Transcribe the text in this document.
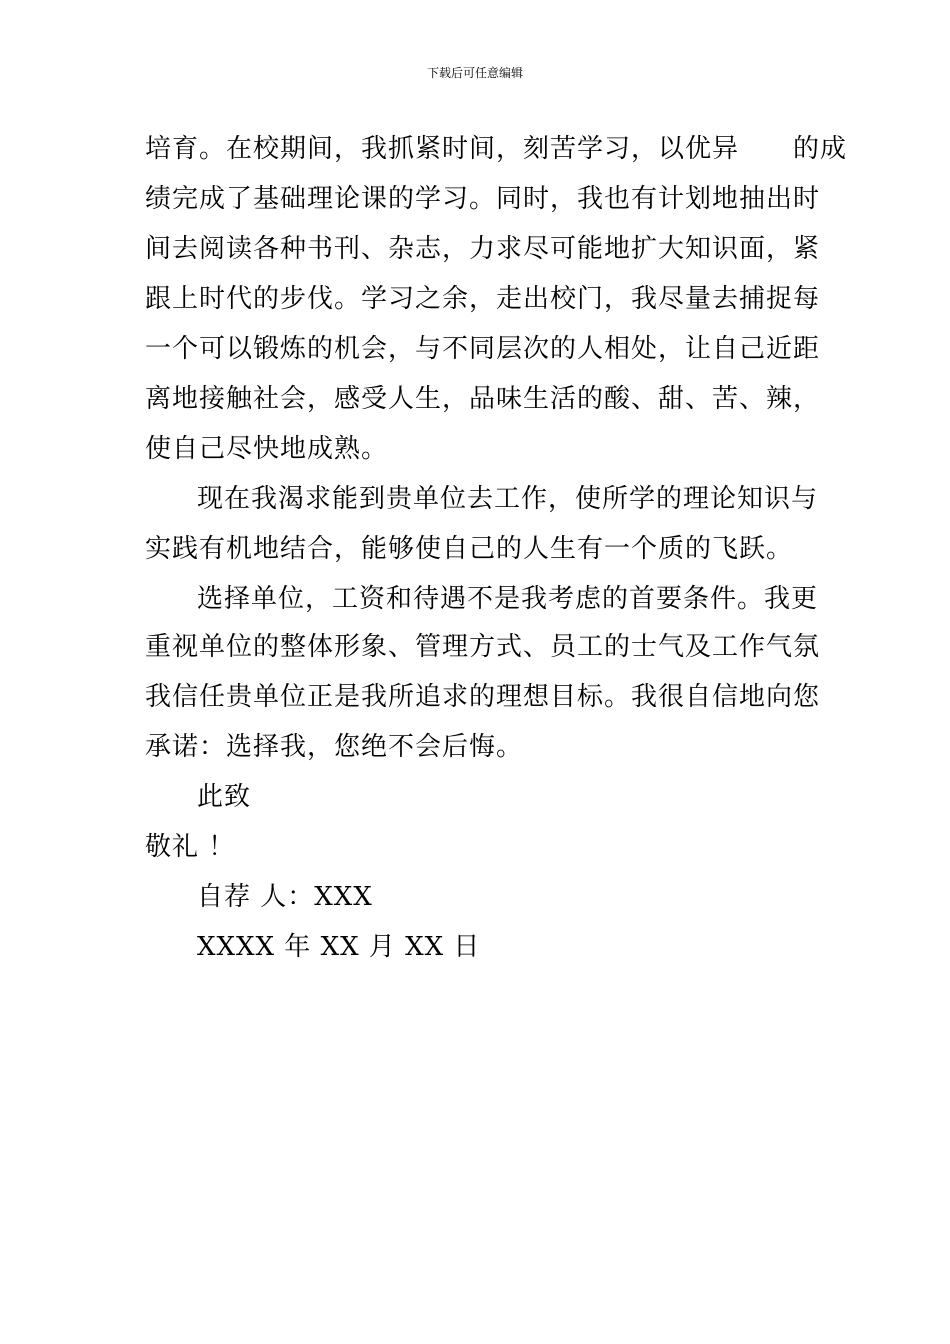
下载后可任意编辑
培育。在校期间，我抓紧时间，刻苦学习，以优异　　的成
绩完成了基础理论课的学习。同时，我也有计划地抽出时
间去阅读各种书刊、杂志，力求尽可能地扩大知识面，紧
跟上时代的步伐。学习之余，走出校门，我尽量去捕捉每
一个可以锻炼的机会，与不同层次的人相处，让自己近距
离地接触社会，感受人生，品味生活的酸、甜、苦、辣，
使自己尽快地成熟。
现在我渴求能到贵单位去工作，使所学的理论知识与
实践有机地结合，能够使自己的人生有一个质的飞跃。
选择单位，工资和待遇不是我考虑的首要条件。我更
重视单位的整体形象、管理方式、员工的士气及工作气氛
我信任贵单位正是我所追求的理想目标。我很自信地向您
承诺：选择我，您绝不会后悔。
此致
敬礼 ！
自荐 人：XXX
XXXX 年 XX 月 XX 日
